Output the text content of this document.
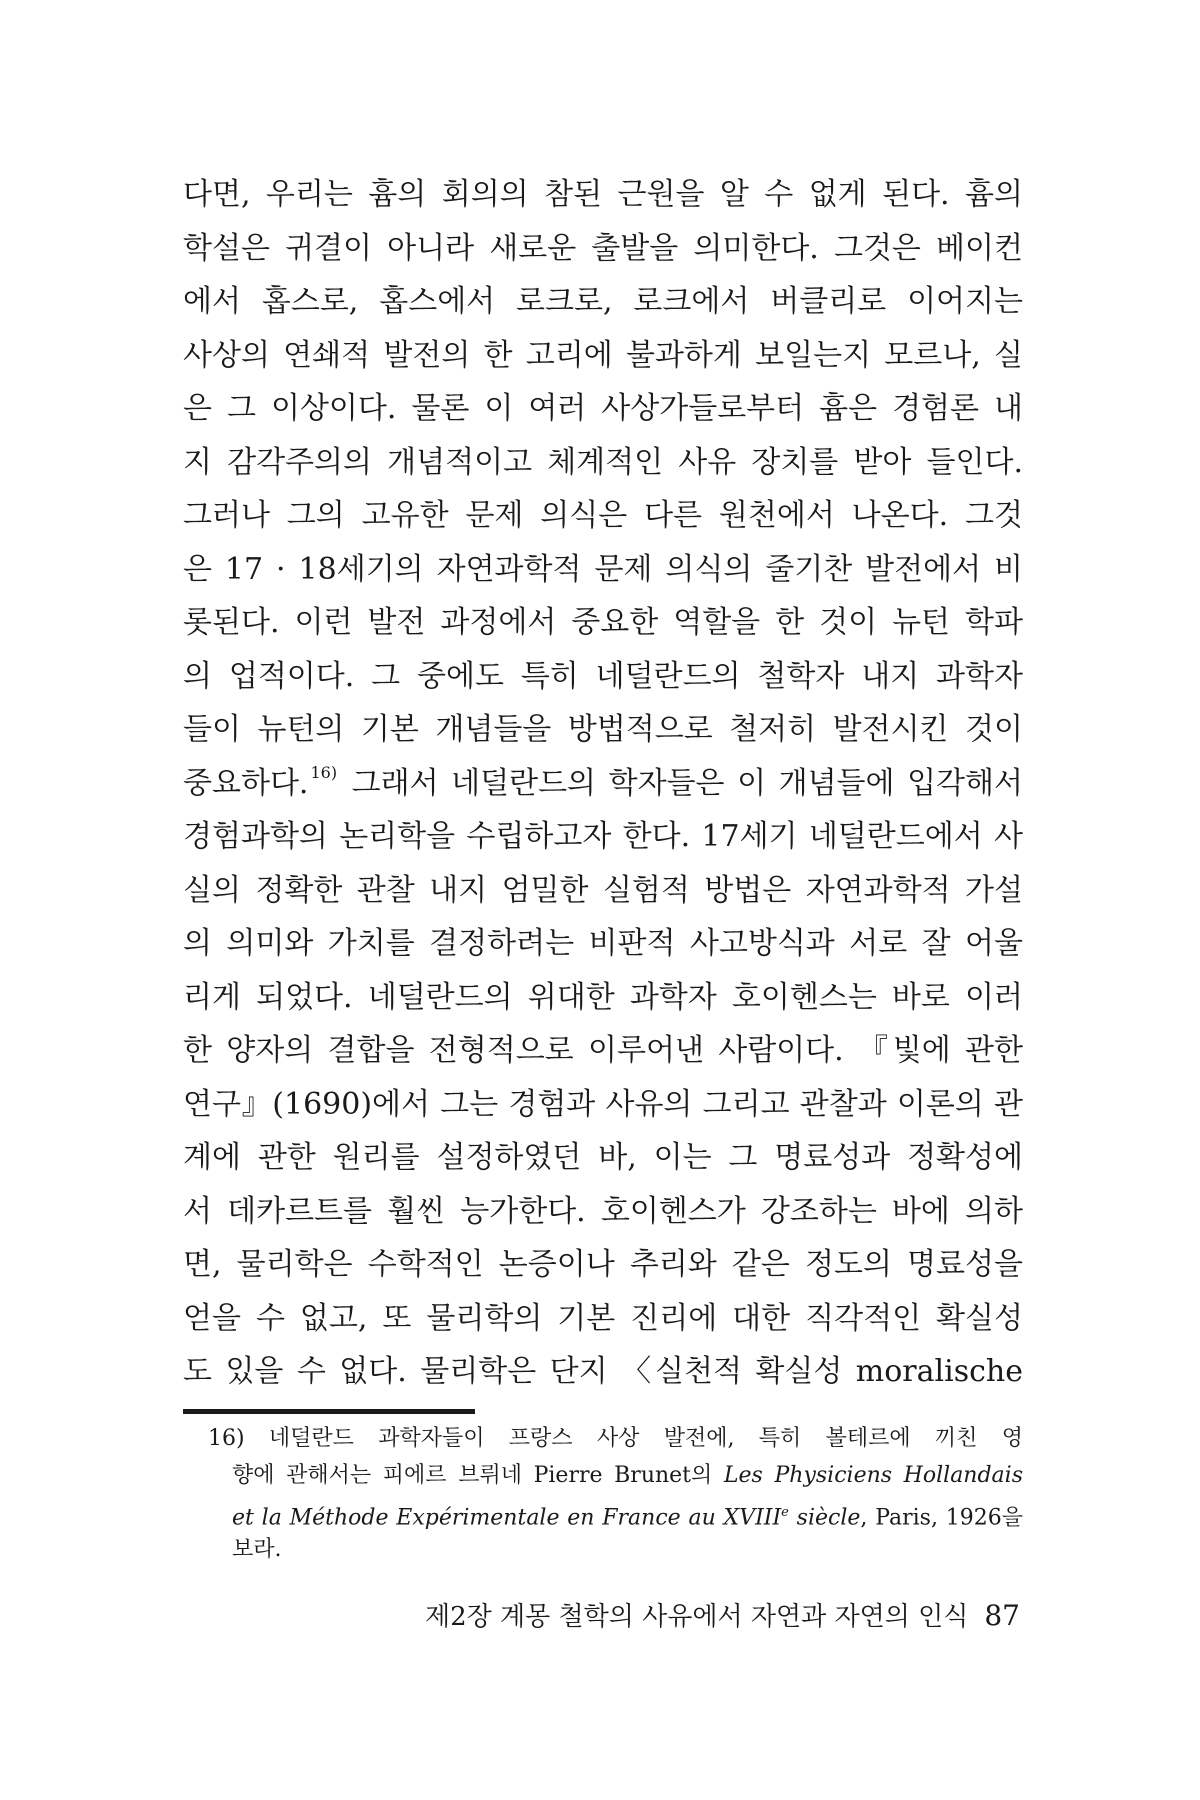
다면, 우리는 흄의 회의의 참된 근원을 알 수 없게 된다. 흄의
학설은 귀결이 아니라 새로운 출발을 의미한다. 그것은 베이컨
에서 홉스로, 홉스에서 로크로, 로크에서 버클리로 이어지는
사상의 연쇄적 발전의 한 고리에 불과하게 보일는지 모르나, 실
은 그 이상이다. 물론 이 여러 사상가들로부터 흄은 경험론 내
지 감각주의의 개념적이고 체계적인 사유 장치를 받아 들인다.
그러나 그의 고유한 문제 의식은 다른 원천에서 나온다. 그것
은 17 · 18세기의 자연과학적 문제 의식의 줄기찬 발전에서 비
롯된다. 이런 발전 과정에서 중요한 역할을 한 것이 뉴턴 학파
의 업적이다. 그 중에도 특히 네덜란드의 철학자 내지 과학자
들이 뉴턴의 기본 개념들을 방법적으로 철저히 발전시킨 것이
중요하다. $^{16)}$ 그래서 네덜란드의 학자들은 이 개념들에 입각해서
경험과학의 논리학을 수립하고자 한다. 17세기 네덜란드에서 사
실의 정확한 관찰 내지 엄밀한 실험적 방법은 자연과학적 가설
의 의미와 가치를 결정하려는 비판적 사고방식과 서로 잘 어울
리게 되었다. 네덜란드의 위대한 과학자 호이헨스는 바로 이러
한 양자의 결합을 전형적으로 이루어낸 사람이다. 『빛에 관한
연구』(1690)에서 그는 경험과 사유의 그리고 관찰과 이론의 관
계에 관한 원리를 설정하였던 바, 이는 그 명료성과 정확성에
서 데카르트를 훨씬 능가한다. 호이헨스가 강조하는 바에 의하
면, 물리학은 수학적인 논증이나 추리와 같은 정도의 명료성을
얻을 수 없고, 또 물리학의 기본 진리에 대한 직각적인 확실성
도 있을 수 없다. 물리학은 단지 〈실천적 확실성 moralische
16) 네덜란드 과학자들이 프랑스 사상 발전에, 특히 볼테르에 끼친 영
향에 관해서는 피에르 브뤼네 Pierre Brunet의 Les Physiciens Hollandais
et la Méthode Expérimentale en France au XVIIIe siècle, Paris, 1926을
보라.
제2장 계몽 철학의 사유에서 자연과 자연의 인식 87
